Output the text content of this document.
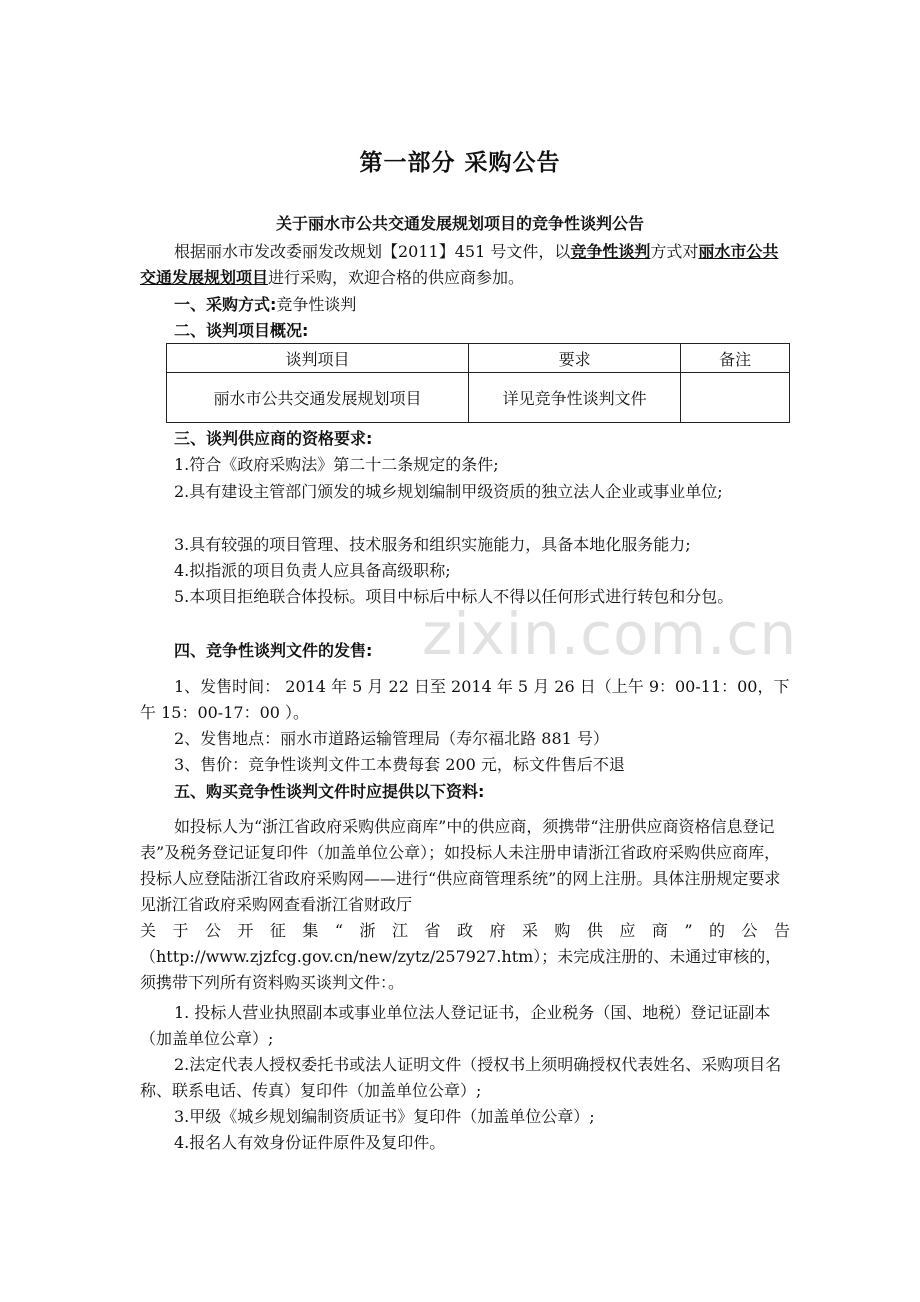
第一部分 采购公告
关于丽水市公共交通发展规划项目的竞争性谈判公告
根据丽水市发改委丽发改规划【2011】451 号文件，以竞争性谈判方式对丽水市公共交通发展规划项目进行采购，欢迎合格的供应商参加。
一、采购方式:竞争性谈判
二、谈判项目概况:
谈判项目	要求	备注
丽水市公共交通发展规划项目	详见竞争性谈判文件	
三、谈判供应商的资格要求:
1.符合《政府采购法》第二十二条规定的条件;
2.具有建设主管部门颁发的城乡规划编制甲级资质的独立法人企业或事业单位;
3.具有较强的项目管理、技术服务和组织实施能力，具备本地化服务能力;
4.拟指派的项目负责人应具备高级职称;
5.本项目拒绝联合体投标。项目中标后中标人不得以任何形式进行转包和分包。
zixin.com.cn
四、竞争性谈判文件的发售:
1、发售时间： 2014 年 5 月 22 日至 2014 年 5 月 26 日（上午 9：00-11：00，下午 15：00-17：00 ）。
2、发售地点：丽水市道路运输管理局（寿尔福北路 881 号）
3、售价：竞争性谈判文件工本费每套 200 元，标文件售后不退
五、购买竞争性谈判文件时应提供以下资料:
如投标人为“浙江省政府采购供应商库”中的供应商，须携带“注册供应商资格信息登记表”及税务登记证复印件（加盖单位公章）；如投标人未注册申请浙江省政府采购供应商库，投标人应登陆浙江省政府采购网——进行“供应商管理系统”的网上注册。具体注册规定要求见浙江省政府采购网查看浙江省财政厅
关于公开征集“浙江省政府采购供应商”的公告
（http://www.zjzfcg.gov.cn/new/zytz/257927.htm）；未完成注册的、未通过审核的，须携带下列所有资料购买谈判文件：。
1. 投标人营业执照副本或事业单位法人登记证书，企业税务（国、地税）登记证副本（加盖单位公章）;
2.法定代表人授权委托书或法人证明文件（授权书上须明确授权代表姓名、采购项目名称、联系电话、传真）复印件（加盖单位公章）;
3.甲级《城乡规划编制资质证书》复印件（加盖单位公章）;
4.报名人有效身份证件原件及复印件。
